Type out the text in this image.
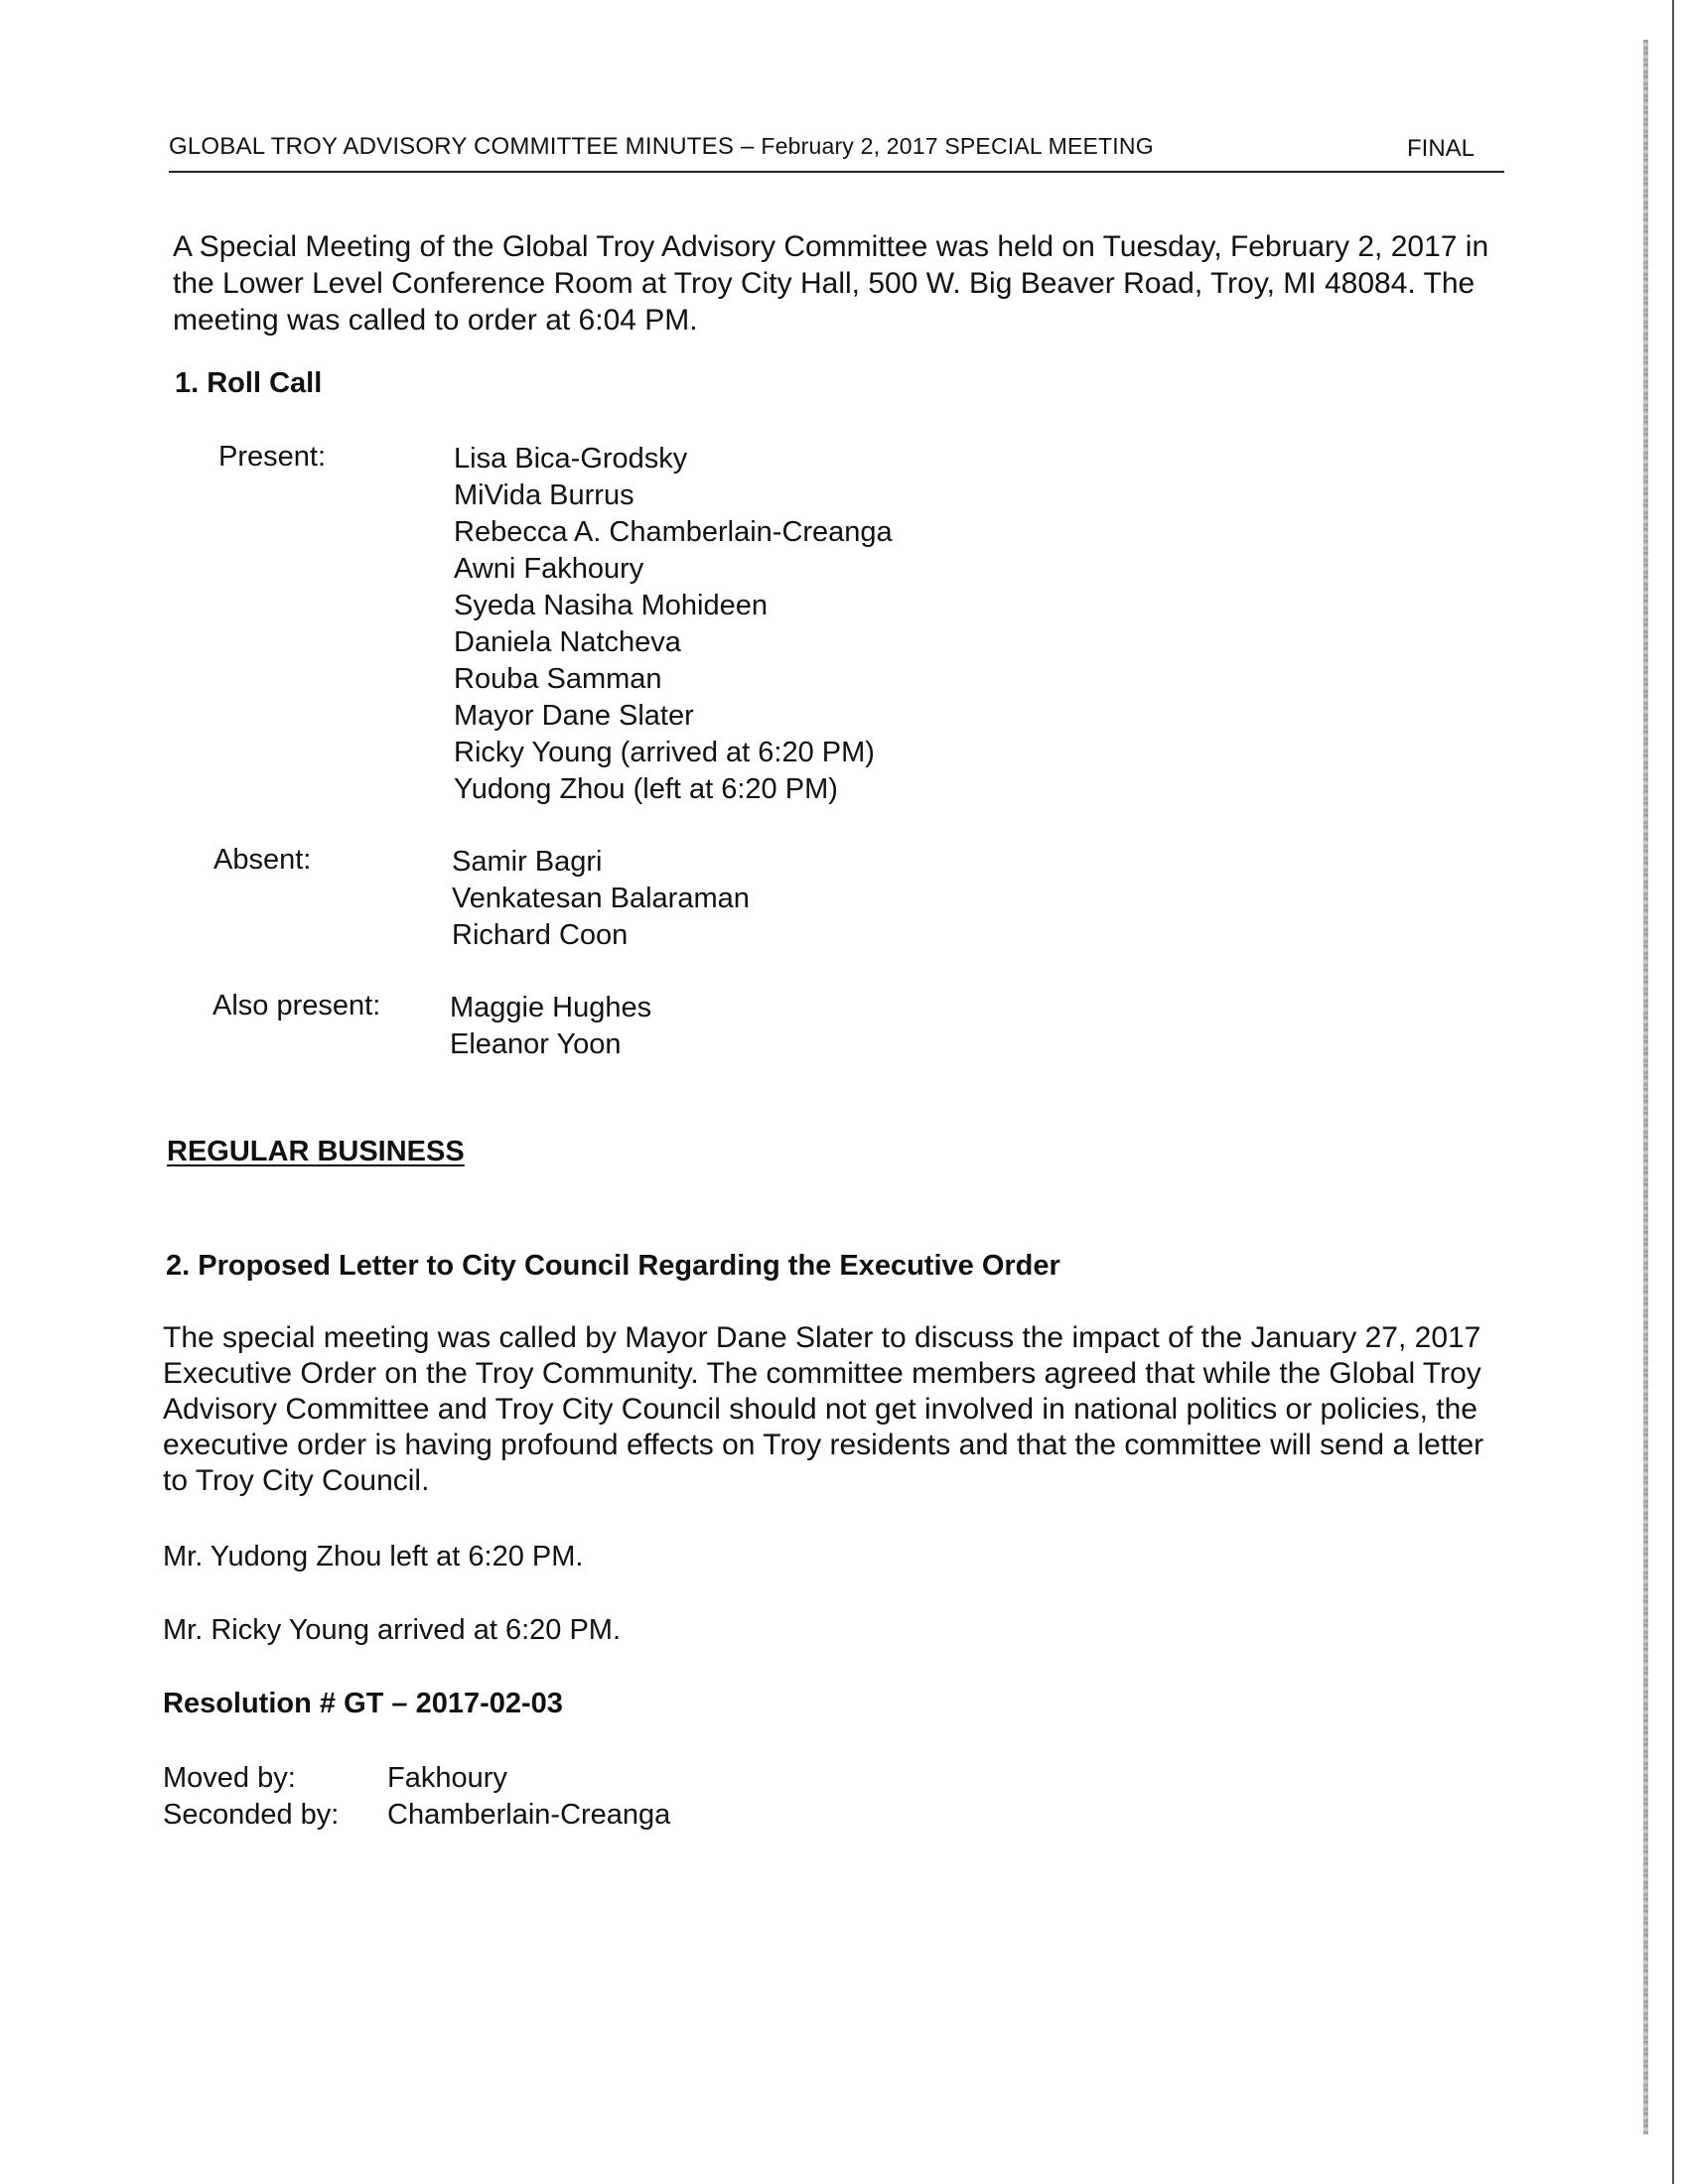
GLOBAL TROY ADVISORY COMMITTEE MINUTES – February 2, 2017 SPECIAL MEETING	FINAL
A Special Meeting of the Global Troy Advisory Committee was held on Tuesday, February 2, 2017 in the Lower Level Conference Room at Troy City Hall, 500 W. Big Beaver Road, Troy, MI 48084. The meeting was called to order at 6:04 PM.
1. Roll Call
Present:	Lisa Bica-Grodsky
MiVida Burrus
Rebecca A. Chamberlain-Creanga
Awni Fakhoury
Syeda Nasiha Mohideen
Daniela Natcheva
Rouba Samman
Mayor Dane Slater
Ricky Young (arrived at 6:20 PM)
Yudong Zhou (left at 6:20 PM)
Absent:	Samir Bagri
Venkatesan Balaraman
Richard Coon
Also present: Maggie Hughes
Eleanor Yoon
REGULAR BUSINESS
2. Proposed Letter to City Council Regarding the Executive Order
The special meeting was called by Mayor Dane Slater to discuss the impact of the January 27, 2017 Executive Order on the Troy Community. The committee members agreed that while the Global Troy Advisory Committee and Troy City Council should not get involved in national politics or policies, the executive order is having profound effects on Troy residents and that the committee will send a letter to Troy City Council.
Mr. Yudong Zhou left at 6:20 PM.
Mr. Ricky Young arrived at 6:20 PM.
Resolution # GT – 2017-02-03
Moved by:	Fakhoury
Seconded by: Chamberlain-Creanga
